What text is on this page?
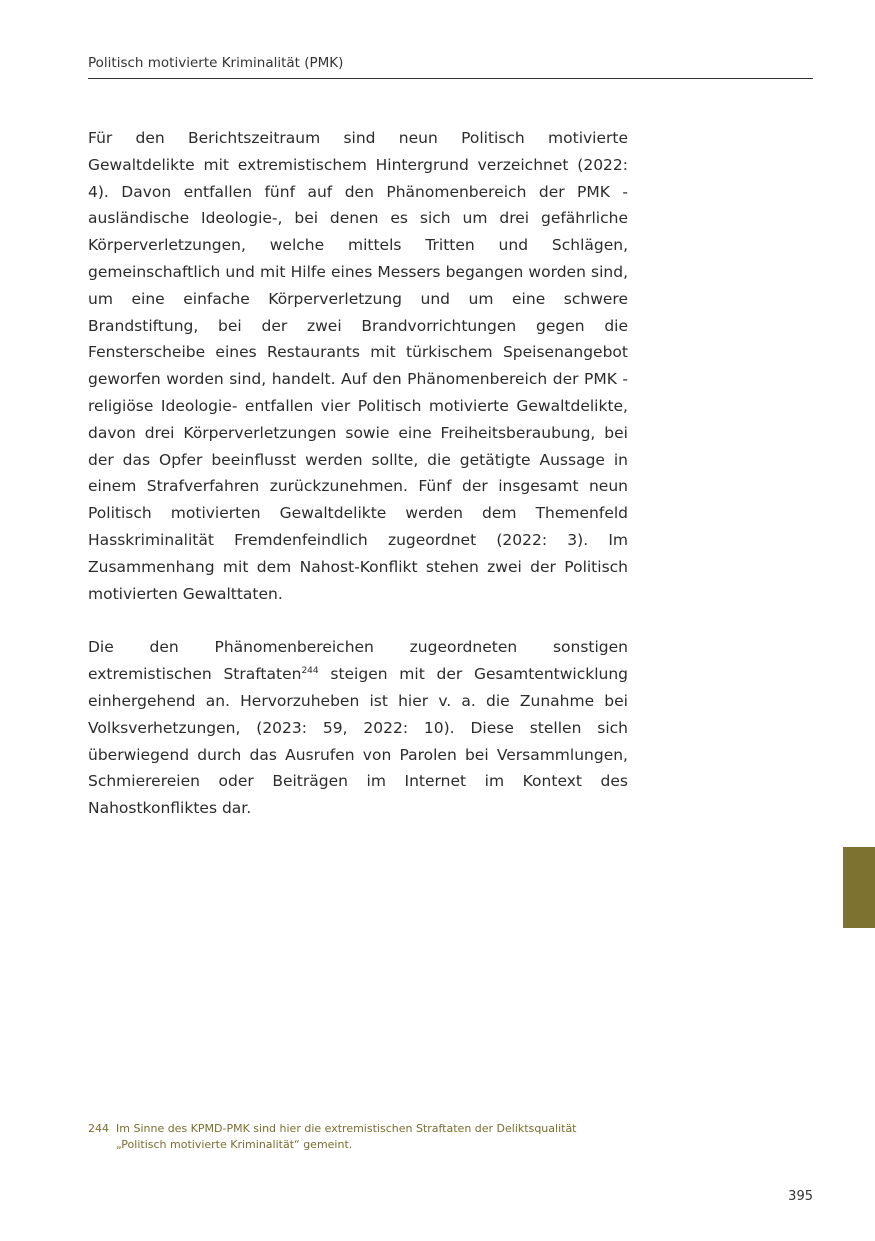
Politisch motivierte Kriminalität (PMK)

Für den Berichtszeitraum sind neun Politisch motivierte Gewaltdelikte mit extremistischem Hintergrund verzeichnet (2022: 4). Davon entfallen fünf auf den Phänomenbereich der PMK -ausländische Ideologie-, bei denen es sich um drei gefährliche Körperverletzungen, welche mittels Tritten und Schlägen, gemeinschaftlich und mit Hilfe eines Messers begangen worden sind, um eine einfache Körperverletzung und um eine schwere Brandstiftung, bei der zwei Brandvorrichtungen gegen die Fensterscheibe eines Restaurants mit türkischem Speisenangebot geworfen worden sind, handelt. Auf den Phänomenbereich der PMK -religiöse Ideologie- entfallen vier Politisch motivierte Gewaltdelikte, davon drei Körperverletzungen sowie eine Freiheitsberaubung, bei der das Opfer beeinflusst werden sollte, die getätigte Aussage in einem Strafverfahren zurückzunehmen. Fünf der insgesamt neun Politisch motivierten Gewaltdelikte werden dem Themenfeld Hasskriminalität Fremdenfeindlich zugeordnet (2022: 3). Im Zusammenhang mit dem Nahost-Konflikt stehen zwei der Politisch motivierten Gewalttaten.

Die den Phänomenbereichen zugeordneten sonstigen extremistischen Straftaten$^{244}$ steigen mit der Gesamtentwicklung einhergehend an. Hervorzuheben ist hier v. a. die Zunahme bei Volksverhetzungen, (2023: 59, 2022: 10). Diese stellen sich überwiegend durch das Ausrufen von Parolen bei Versammlungen, Schmierereien oder Beiträgen im Internet im Kontext des Nahostkonfliktes dar.

244 Im Sinne des KPMD-PMK sind hier die extremistischen Straftaten der Deliktsqualität „Politisch motivierte Kriminalität“ gemeint.
395
